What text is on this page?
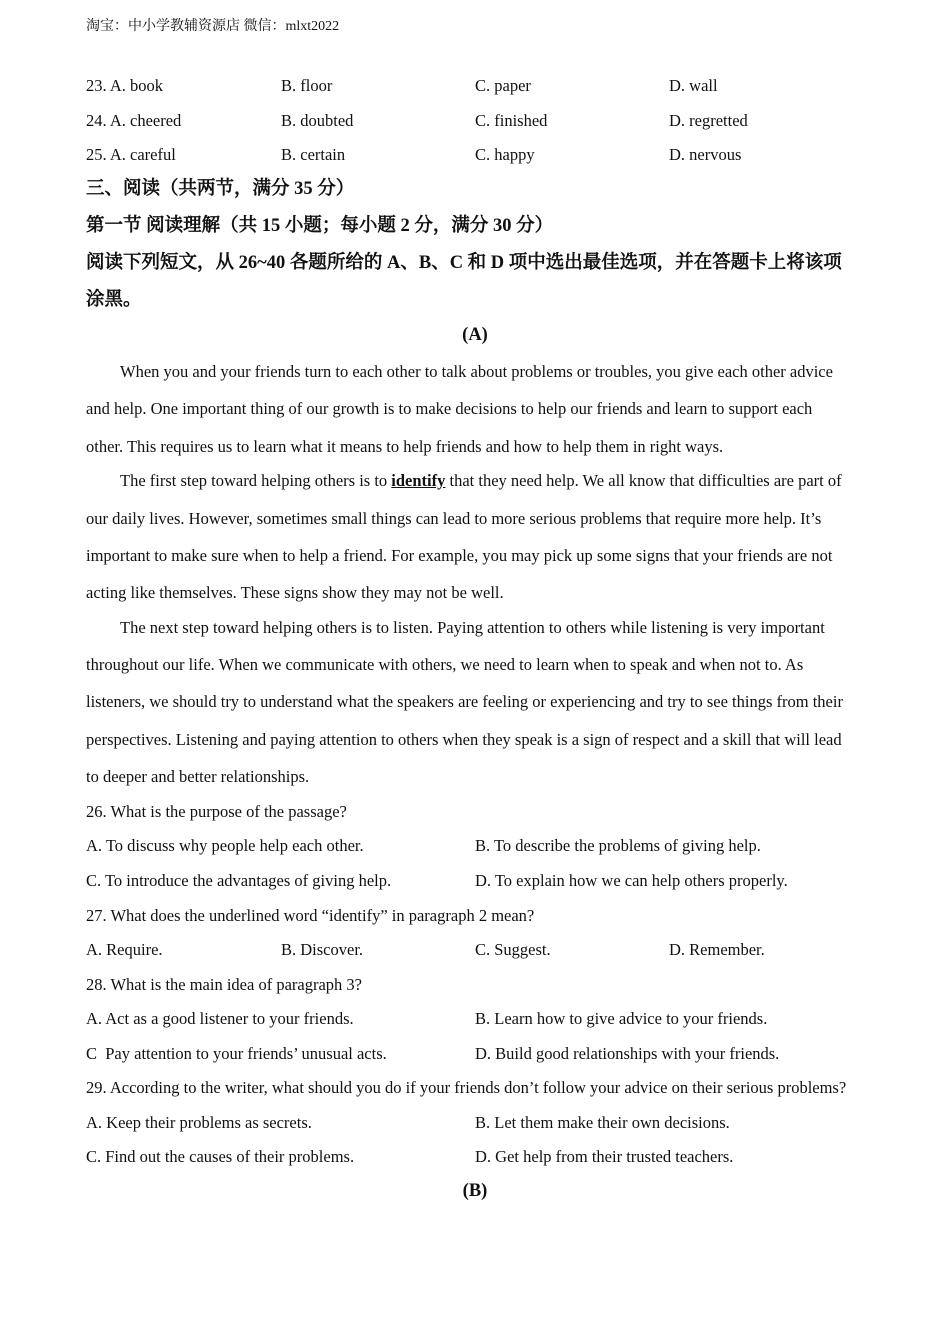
淘宝：中小学教辅资源店 微信：mlxt2022
23. A. book	B. floor	C. paper	D. wall
24. A. cheered	B. doubted	C. finished	D. regretted
25. A. careful	B. certain	C. happy	D. nervous
三、阅读（共两节，满分 35 分）
第一节 阅读理解（共 15 小题；每小题 2 分，满分 30 分）
阅读下列短文，从 26~40 各题所给的 A、B、C 和 D 项中选出最佳选项，并在答题卡上将该项
涂黑。
(A)
When you and your friends turn to each other to talk about problems or troubles, you give each other advice
and help. One important thing of our growth is to make decisions to help our friends and learn to support each
other. This requires us to learn what it means to help friends and how to help them in right ways.
The first step toward helping others is to identify that they need help. We all know that difficulties are part of
our daily lives. However, sometimes small things can lead to more serious problems that require more help. It’s
important to make sure when to help a friend. For example, you may pick up some signs that your friends are not
acting like themselves. These signs show they may not be well.
The next step toward helping others is to listen. Paying attention to others while listening is very important
throughout our life. When we communicate with others, we need to learn when to speak and when not to. As
listeners, we should try to understand what the speakers are feeling or experiencing and try to see things from their
perspectives. Listening and paying attention to others when they speak is a sign of respect and a skill that will lead
to deeper and better relationships.
26. What is the purpose of the passage?
A. To discuss why people help each other.	B. To describe the problems of giving help.
C. To introduce the advantages of giving help.	D. To explain how we can help others properly.
27. What does the underlined word “identify” in paragraph 2 mean?
A. Require.	B. Discover.	C. Suggest.	D. Remember.
28. What is the main idea of paragraph 3?
A. Act as a good listener to your friends.	B. Learn how to give advice to your friends.
C  Pay attention to your friends’ unusual acts.	D. Build good relationships with your friends.
29. According to the writer, what should you do if your friends don’t follow your advice on their serious problems?
A. Keep their problems as secrets.	B. Let them make their own decisions.
C. Find out the causes of their problems.	D. Get help from their trusted teachers.
(B)
